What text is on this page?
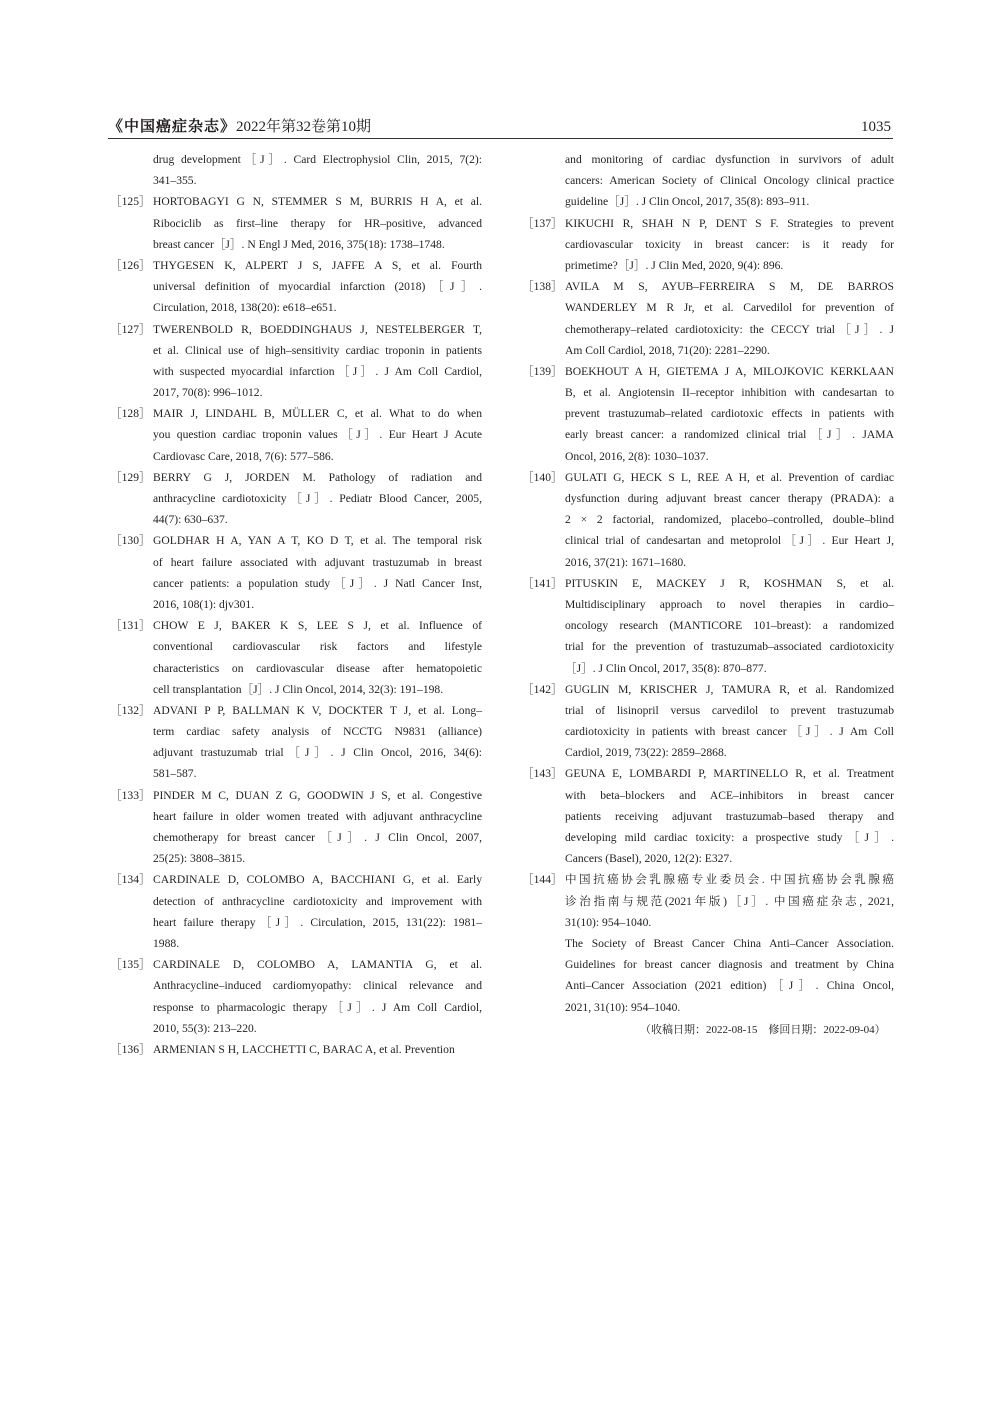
《中国癌症杂志》2022年第32卷第10期	1035
drug development［J］. Card Electrophysiol Clin, 2015, 7(2):
341–355.
［125］ HORTOBAGYI G N, STEMMER S M, BURRIS H A, et al.
Ribociclib as first–line therapy for HR–positive, advanced
breast cancer［J］. N Engl J Med, 2016, 375(18): 1738–1748.
［126］ THYGESEN K, ALPERT J S, JAFFE A S, et al. Fourth
universal definition of myocardial infarction (2018)［J］.
Circulation, 2018, 138(20): e618–e651.
［127］ TWERENBOLD R, BOEDDINGHAUS J, NESTELBERGER T,
et al. Clinical use of high–sensitivity cardiac troponin in patients
with suspected myocardial infarction［J］. J Am Coll Cardiol,
2017, 70(8): 996–1012.
［128］ MAIR J, LINDAHL B, MÜLLER C, et al. What to do when
you question cardiac troponin values［J］. Eur Heart J Acute
Cardiovasc Care, 2018, 7(6): 577–586.
［129］ BERRY G J, JORDEN M. Pathology of radiation and
anthracycline cardiotoxicity［J］. Pediatr Blood Cancer, 2005,
44(7): 630–637.
［130］ GOLDHAR H A, YAN A T, KO D T, et al. The temporal risk
of heart failure associated with adjuvant trastuzumab in breast
cancer patients: a population study［J］. J Natl Cancer Inst,
2016, 108(1): djv301.
［131］ CHOW E J, BAKER K S, LEE S J, et al. Influence of
conventional cardiovascular risk factors and lifestyle
characteristics on cardiovascular disease after hematopoietic
cell transplantation［J］. J Clin Oncol, 2014, 32(3): 191–198.
［132］ ADVANI P P, BALLMAN K V, DOCKTER T J, et al. Long–
term cardiac safety analysis of NCCTG N9831 (alliance)
adjuvant trastuzumab trial［J］. J Clin Oncol, 2016, 34(6):
581–587.
［133］ PINDER M C, DUAN Z G, GOODWIN J S, et al. Congestive
heart failure in older women treated with adjuvant anthracycline
chemotherapy for breast cancer［J］. J Clin Oncol, 2007,
25(25): 3808–3815.
［134］ CARDINALE D, COLOMBO A, BACCHIANI G, et al. Early
detection of anthracycline cardiotoxicity and improvement with
heart failure therapy［J］. Circulation, 2015, 131(22): 1981–
1988.
［135］ CARDINALE D, COLOMBO A, LAMANTIA G, et al.
Anthracycline–induced cardiomyopathy: clinical relevance and
response to pharmacologic therapy［J］. J Am Coll Cardiol,
2010, 55(3): 213–220.
［136］ ARMENIAN S H, LACCHETTI C, BARAC A, et al. Prevention
and monitoring of cardiac dysfunction in survivors of adult
cancers: American Society of Clinical Oncology clinical practice
guideline［J］. J Clin Oncol, 2017, 35(8): 893–911.
［137］ KIKUCHI R, SHAH N P, DENT S F. Strategies to prevent
cardiovascular toxicity in breast cancer: is it ready for
primetime?［J］. J Clin Med, 2020, 9(4): 896.
［138］ AVILA M S, AYUB–FERREIRA S M, DE BARROS
WANDERLEY M R Jr, et al. Carvedilol for prevention of
chemotherapy–related cardiotoxicity: the CECCY trial［J］. J
Am Coll Cardiol, 2018, 71(20): 2281–2290.
［139］ BOEKHOUT A H, GIETEMA J A, MILOJKOVIC KERKLAAN
B, et al. Angiotensin II–receptor inhibition with candesartan to
prevent trastuzumab–related cardiotoxic effects in patients with
early breast cancer: a randomized clinical trial［J］. JAMA
Oncol, 2016, 2(8): 1030–1037.
［140］ GULATI G, HECK S L, REE A H, et al. Prevention of cardiac
dysfunction during adjuvant breast cancer therapy (PRADA): a
2 × 2 factorial, randomized, placebo–controlled, double–blind
clinical trial of candesartan and metoprolol［J］. Eur Heart J,
2016, 37(21): 1671–1680.
［141］ PITUSKIN E, MACKEY J R, KOSHMAN S, et al.
Multidisciplinary approach to novel therapies in cardio–
oncology research (MANTICORE 101–breast): a randomized
trial for the prevention of trastuzumab–associated cardiotoxicity
［J］. J Clin Oncol, 2017, 35(8): 870–877.
［142］ GUGLIN M, KRISCHER J, TAMURA R, et al. Randomized
trial of lisinopril versus carvedilol to prevent trastuzumab
cardiotoxicity in patients with breast cancer［J］. J Am Coll
Cardiol, 2019, 73(22): 2859–2868.
［143］ GEUNA E, LOMBARDI P, MARTINELLO R, et al. Treatment
with beta–blockers and ACE–inhibitors in breast cancer
patients receiving adjuvant trastuzumab–based therapy and
developing mild cardiac toxicity: a prospective study［J］.
Cancers (Basel), 2020, 12(2): E327.
［144］ 中国抗癌协会乳腺癌专业委员会. 中国抗癌协会乳腺癌
诊治指南与规范(2021年版)［J］. 中国癌症杂志, 2021,
31(10): 954–1040.
The Society of Breast Cancer China Anti–Cancer Association.
Guidelines for breast cancer diagnosis and treatment by China
Anti–Cancer Association (2021 edition)［J］. China Oncol,
2021, 31(10): 954–1040.
（收稿日期：2022-08-15　修回日期：2022-09-04）
